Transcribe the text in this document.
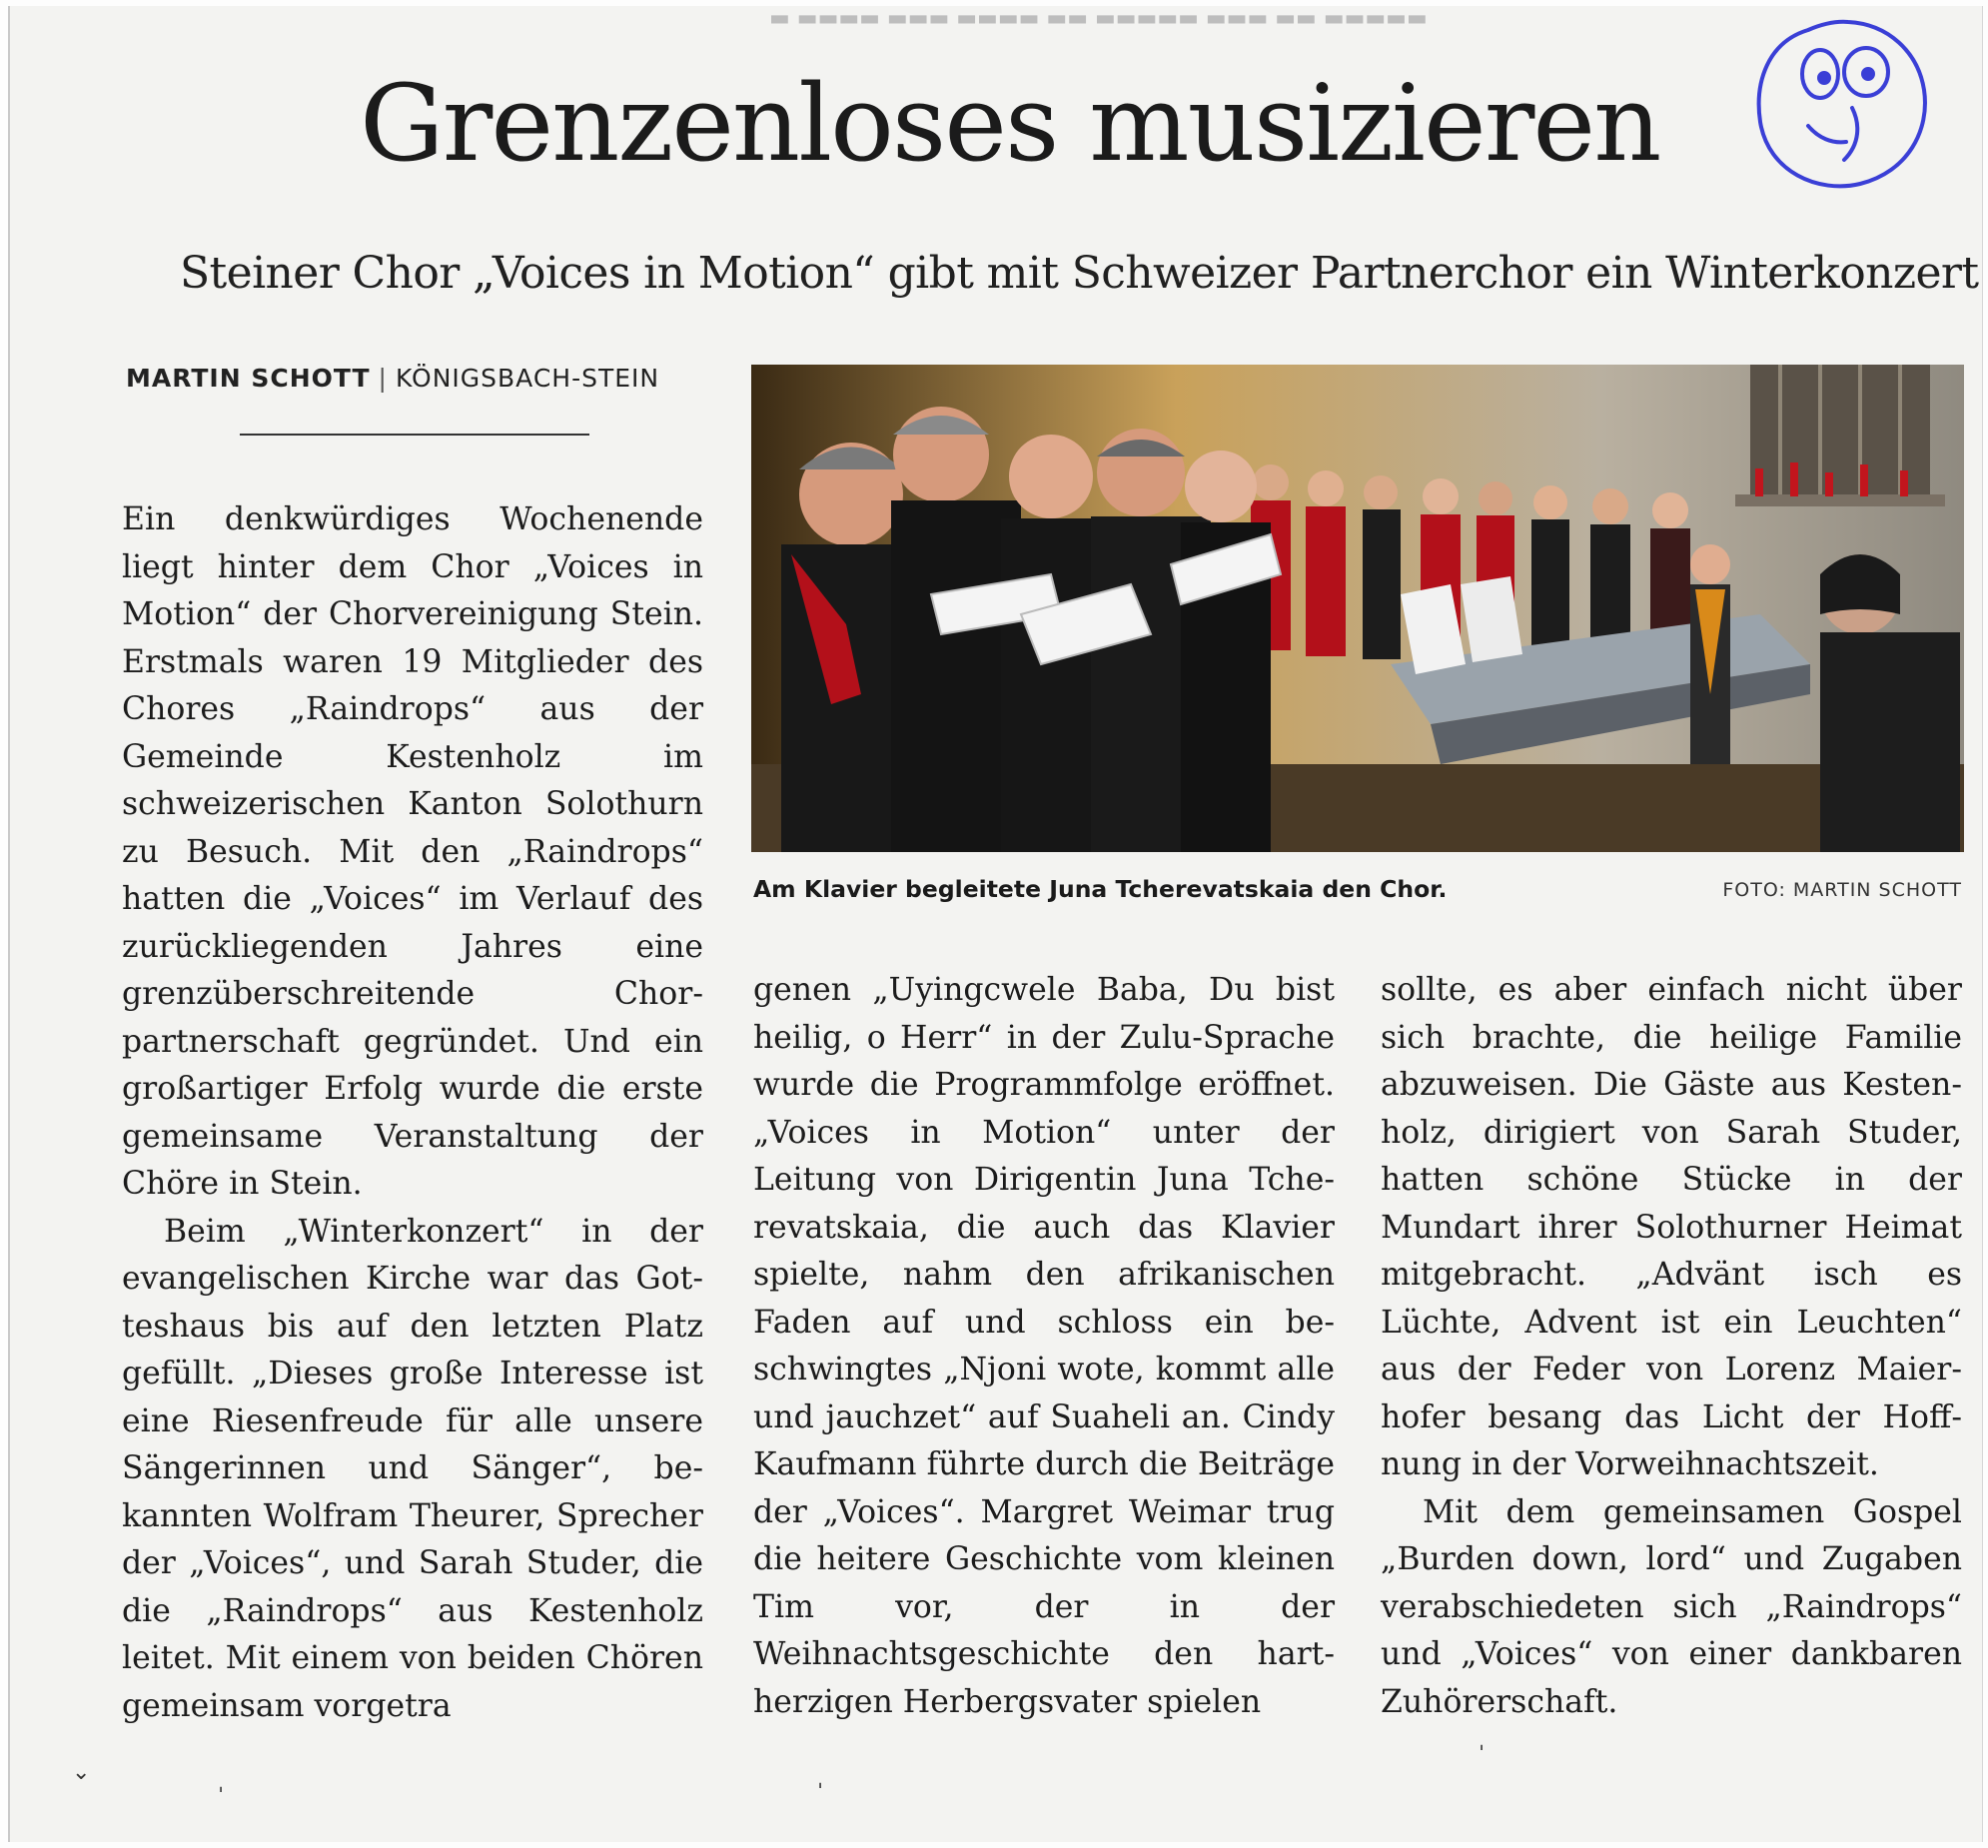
▬ ▬▬▬▬ ▬▬▬ ▬▬▬▬ ▬▬ ▬▬▬▬▬ ▬▬▬ ▬▬ ▬▬▬▬▬
Grenzenloses musizieren
Steiner Chor „Voices in Motion“ gibt mit Schweizer Partnerchor ein Winterkonzert
MARTIN SCHOTT | KÖNIGSBACH-STEIN

Ein denkwürdiges Wochenende liegt hinter dem Chor „Voices in Motion“ der Chorvereinigung Stein. Erstmals waren 19 Mitglieder des Chores „Raindrops“ aus der Gemeinde Kestenholz im schweizerischen Kanton Solothurn zu Besuch. Mit den „Raindrops“ hatten die „Voices“ im Verlauf des zurückliegenden Jahres eine grenzüberschreitende Chorpartnerschaft gegründet. Und ein großartiger Erfolg wurde die erste gemeinsame Veranstaltung der Chöre in Stein.

Beim „Winterkonzert“ in der evangelischen Kirche war das Gotteshaus bis auf den letzten Platz gefüllt. „Dieses große Interesse ist eine Riesenfreude für alle unsere Sängerinnen und Sänger“, bekannten Wolfram Theurer, Sprecher der „Voices“, und Sarah Studer, die die „Raindrops“ aus Kestenholz leitet. Mit einem von beiden Chören gemeinsam vorgetra

Am Klavier begleitete Juna Tcherevatskaia den Chor.	FOTO: MARTIN SCHOTT

genen „Uyingcwele Baba, Du bist heilig, o Herr“ in der Zulu-Sprache wurde die Programmfolge eröffnet. „Voices in Motion“ unter der Leitung von Dirigentin Juna Tcherevatskaia, die auch das Klavier spielte, nahm den afrikanischen Faden auf und schloss ein beschwingtes „Njoni wote, kommt alle und jauchzet“ auf Suaheli an. Cindy Kaufmann führte durch die Beiträge der „Voices“. Margret Weimar trug die heitere Geschichte vom kleinen Tim vor, der in der Weihnachtsgeschichte den hartherzigen Herbergsvater spielen

sollte, es aber einfach nicht über sich brachte, die heilige Familie abzuweisen. Die Gäste aus Kestenholz, dirigiert von Sarah Studer, hatten schöne Stücke in der Mundart ihrer Solothurner Heimat mitgebracht. „Advänt isch es Lüchte, Advent ist ein Leuchten“ aus der Feder von Lorenz Maierhofer besang das Licht der Hoffnung in der Vorweihnachtszeit.

Mit dem gemeinsamen Gospel „Burden down, lord“ und Zugaben verabschiedeten sich „Raindrops“ und „Voices“ von einer dankbaren Zuhörerschaft.

⌄	ˌ	ˌ
ˌ
